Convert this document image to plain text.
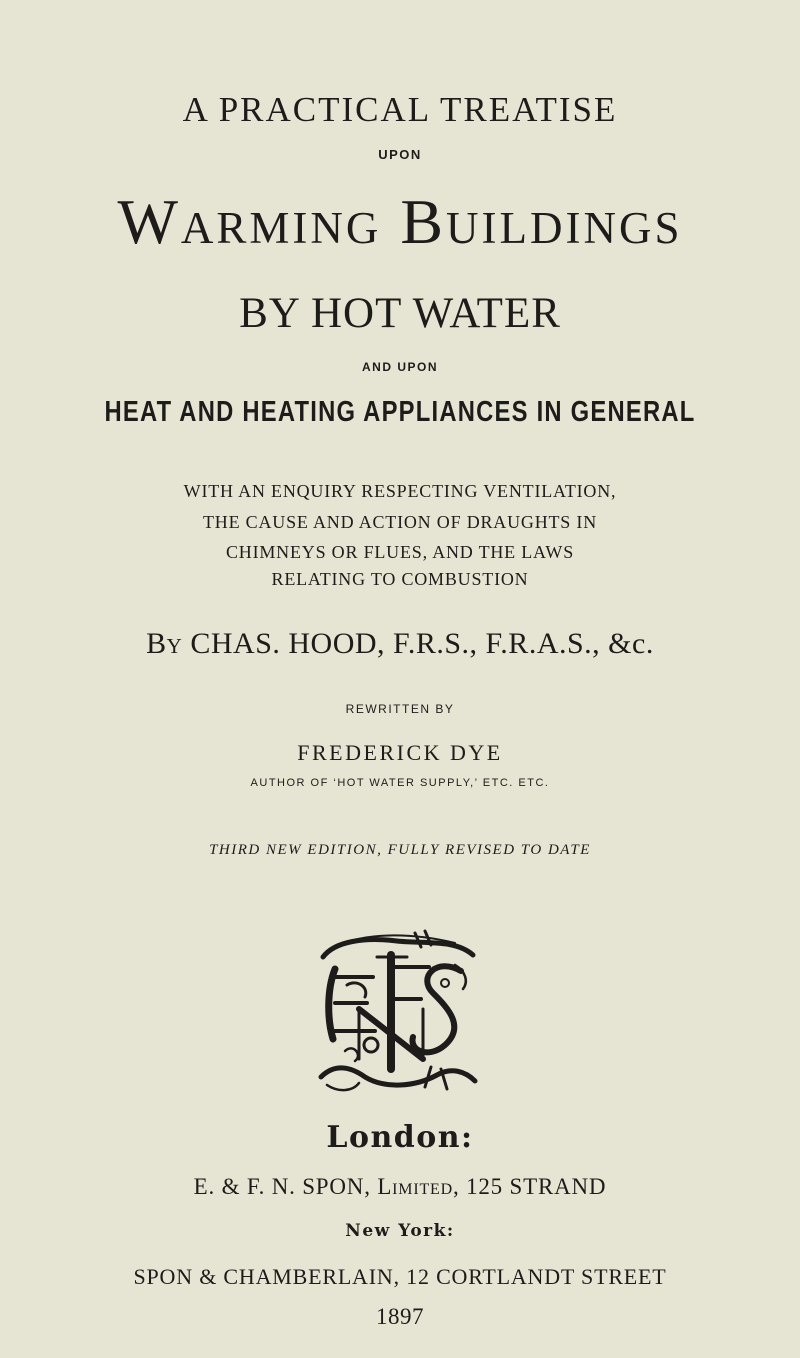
A PRACTICAL TREATISE
UPON
Warming Buildings
BY HOT WATER
AND UPON
HEAT AND HEATING APPLIANCES IN GENERAL
WITH AN ENQUIRY RESPECTING VENTILATION,
THE CAUSE AND ACTION OF DRAUGHTS IN
CHIMNEYS OR FLUES, AND THE LAWS
RELATING TO COMBUSTION
By CHAS. HOOD, F.R.S., F.R.A.S., &c.
REWRITTEN BY
FREDERICK DYE
AUTHOR OF ‘HOT WATER SUPPLY,’ ETC. ETC.
THIRD NEW EDITION, FULLY REVISED TO DATE
London:
E. & F. N. SPON, Limited, 125 STRAND
New York:
SPON & CHAMBERLAIN, 12 CORTLANDT STREET
1897
